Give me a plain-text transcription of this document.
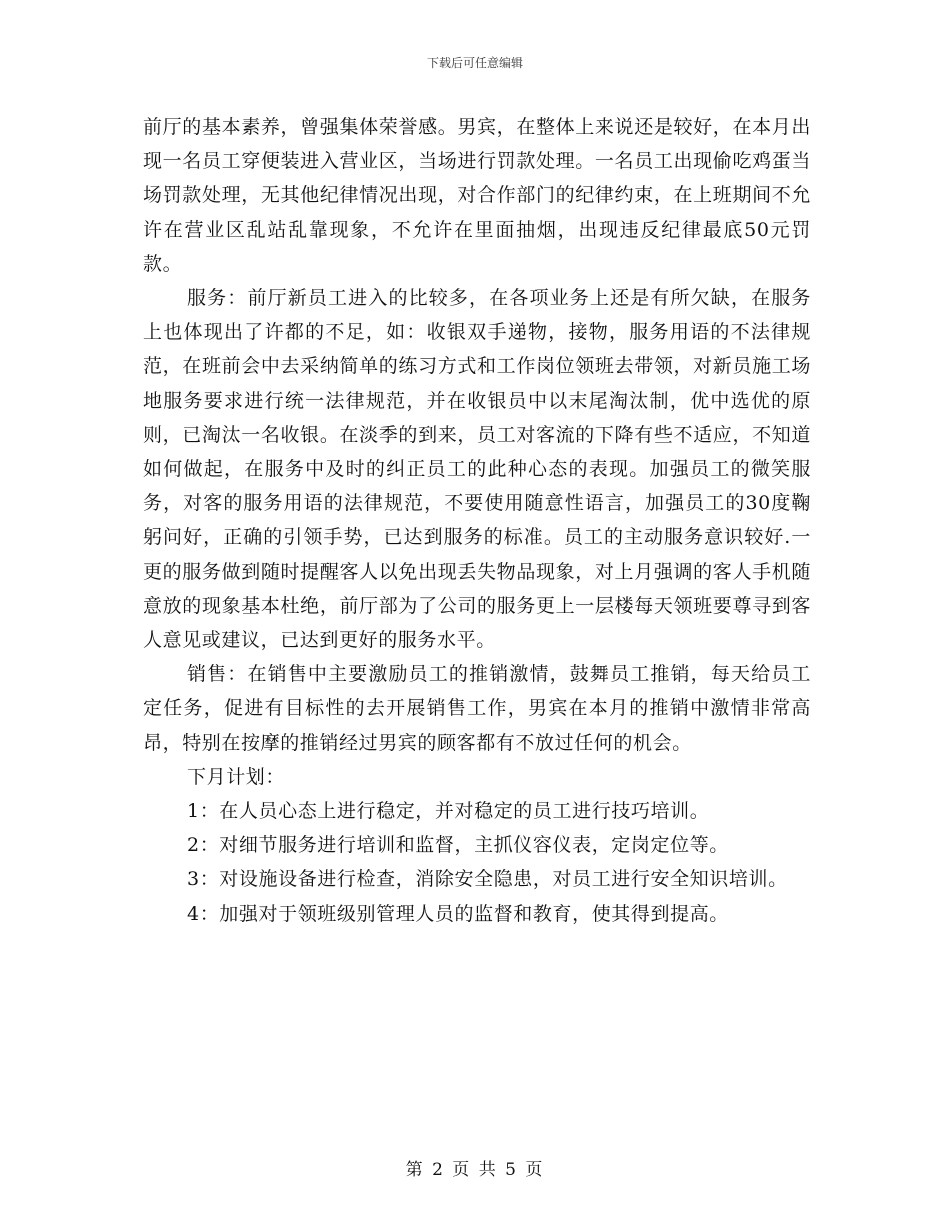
下载后可任意编辑

前厅的基本素养，曾强集体荣誉感。男宾，在整体上来说还是较好，在本月出现一名员工穿便装进入营业区，当场进行罚款处理。一名员工出现偷吃鸡蛋当场罚款处理，无其他纪律情况出现，对合作部门的纪律约束，在上班期间不允许在营业区乱站乱靠现象，不允许在里面抽烟，出现违反纪律最底50元罚款。

服务：前厅新员工进入的比较多，在各项业务上还是有所欠缺，在服务上也体现出了许都的不足，如：收银双手递物，接物，服务用语的不法律规范，在班前会中去采纳简单的练习方式和工作岗位领班去带领，对新员施工场地服务要求进行统一法律规范，并在收银员中以末尾淘汰制，优中选优的原则，已淘汰一名收银。在淡季的到来，员工对客流的下降有些不适应，不知道如何做起，在服务中及时的纠正员工的此种心态的表现。加强员工的微笑服务，对客的服务用语的法律规范，不要使用随意性语言，加强员工的30度鞠躬问好，正确的引领手势，已达到服务的标准。员工的主动服务意识较好.一更的服务做到随时提醒客人以免出现丢失物品现象，对上月强调的客人手机随意放的现象基本杜绝，前厅部为了公司的服务更上一层楼每天领班要尊寻到客人意见或建议，已达到更好的服务水平。

销售：在销售中主要激励员工的推销激情，鼓舞员工推销，每天给员工定任务，促进有目标性的去开展销售工作，男宾在本月的推销中激情非常高昂，特别在按摩的推销经过男宾的顾客都有不放过任何的机会。

下月计划：

1：在人员心态上进行稳定，并对稳定的员工进行技巧培训。

2：对细节服务进行培训和监督，主抓仪容仪表，定岗定位等。

3：对设施设备进行检查，消除安全隐患，对员工进行安全知识培训。

4：加强对于领班级别管理人员的监督和教育，使其得到提高。

第 2 页 共 5 页
